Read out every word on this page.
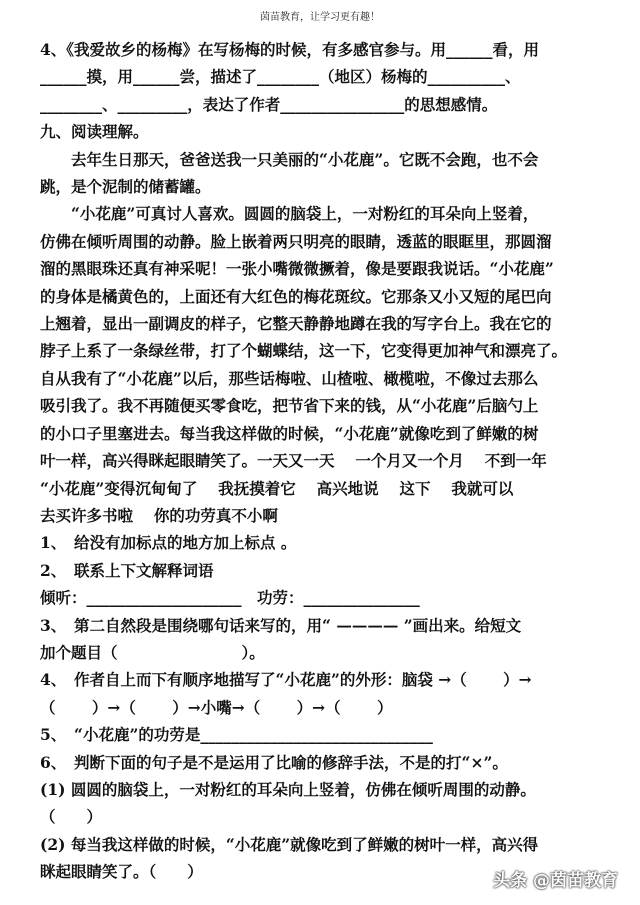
茵苗教育，让学习更有趣！

4、《我爱故乡的杨梅》在写杨梅的时候，有多感官参与。用______看，用

______摸，用______尝，描述了________（地区）杨梅的__________、

________、_________，表达了作者________________的思想感情。

九、阅读理解。

去年生日那天，爸爸送我一只美丽的“小花鹿”。它既不会跑，也不会

跳，是个泥制的储蓄罐。

“小花鹿”可真讨人喜欢。圆圆的脑袋上，一对粉红的耳朵向上竖着，

仿佛在倾听周围的动静。脸上嵌着两只明亮的眼睛，透蓝的眼眶里，那圆溜

溜的黑眼珠还真有神采呢！一张小嘴微微撅着，像是要跟我说话。“小花鹿”

的身体是橘黄色的，上面还有大红色的梅花斑纹。它那条又小又短的尾巴向

上翘着，显出一副调皮的样子，它整天静静地蹲在我的写字台上。我在它的

脖子上系了一条绿丝带，打了个蝴蝶结，这一下，它变得更加神气和漂亮了。

自从我有了“小花鹿”以后，那些话梅啦、山楂啦、橄榄啦，不像过去那么

吸引我了。我不再随便买零食吃，把节省下来的钱，从“小花鹿”后脑勺上

的小口子里塞进去。每当我这样做的时候，“小花鹿”就像吃到了鲜嫩的树

叶一样，高兴得眯起眼睛笑了。一天又一天　 一个月又一个月　 不到一年

“小花鹿”变得沉甸甸了　 我抚摸着它　 高兴地说　 这下　 我就可以

去买许多书啦　 你的功劳真不小啊

1、　给没有加标点的地方加上标点 。

2、　联系上下文解释词语

倾听：____________________　功劳：_______________

3、　第二自然段是围绕哪句话来写的，用“ ———— ”画出来。给短文

加个题目（　　　　　　　　）。

4、　作者自上而下有顺序地描写了“小花鹿”的外形：脑袋 →（　　 ）→

（　　 ）→（　　 ）→小嘴→（　　 ）→（　　 ）

5、　“小花鹿”的功劳是______________________________

6、　判断下面的句子是不是运用了比喻的修辞手法，不是的打“×”。

(1) 圆圆的脑袋上，一对粉红的耳朵向上竖着，仿佛在倾听周围的动静。

（　　）

(2) 每当我这样做的时候，“小花鹿”就像吃到了鲜嫩的树叶一样，高兴得

眯起眼睛笑了。（　　）	头条 @茵苗教育
